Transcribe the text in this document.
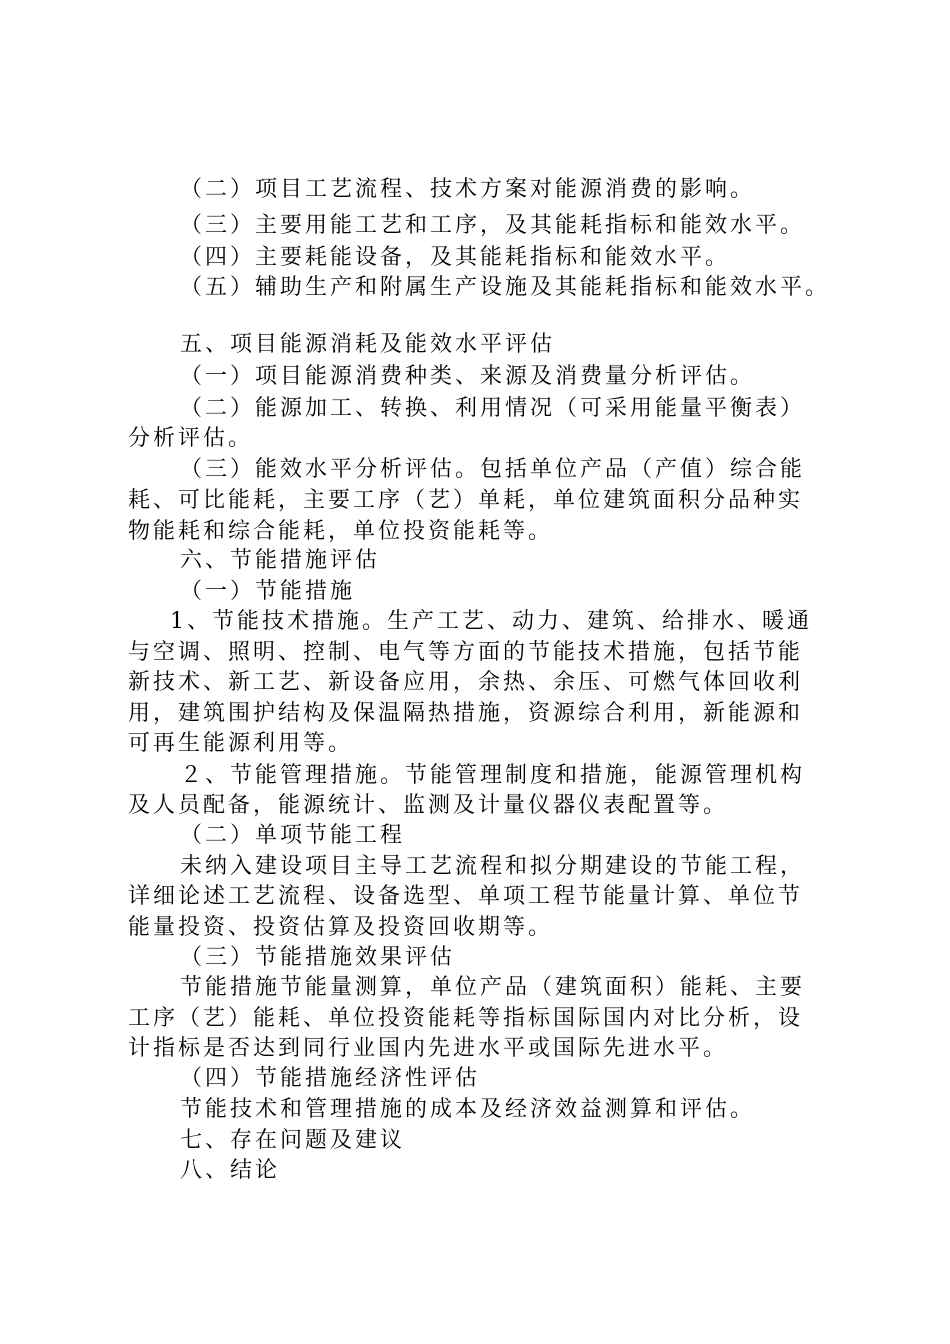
（二）项目工艺流程、技术方案对能源消费的影响。
（三）主要用能工艺和工序，及其能耗指标和能效水平。
（四）主要耗能设备，及其能耗指标和能效水平。
（五）辅助生产和附属生产设施及其能耗指标和能效水平。
五、项目能源消耗及能效水平评估
（一）项目能源消费种类、来源及消费量分析评估。
（二）能源加工、转换、利用情况（可采用能量平衡表）
分析评估。
（三）能效水平分析评估。包括单位产品（产值）综合能
耗、可比能耗，主要工序（艺）单耗，单位建筑面积分品种实
物能耗和综合能耗，单位投资能耗等。
六、节能措施评估
（一）节能措施
1、节能技术措施。生产工艺、动力、建筑、给排水、暖通
与空调、照明、控制、电气等方面的节能技术措施，包括节能
新技术、新工艺、新设备应用，余热、余压、可燃气体回收利
用，建筑围护结构及保温隔热措施，资源综合利用，新能源和
可再生能源利用等。
２、节能管理措施。节能管理制度和措施，能源管理机构
及人员配备，能源统计、监测及计量仪器仪表配置等。
（二）单项节能工程
未纳入建设项目主导工艺流程和拟分期建设的节能工程，
详细论述工艺流程、设备选型、单项工程节能量计算、单位节
能量投资、投资估算及投资回收期等。
（三）节能措施效果评估
节能措施节能量测算，单位产品（建筑面积）能耗、主要
工序（艺）能耗、单位投资能耗等指标国际国内对比分析，设
计指标是否达到同行业国内先进水平或国际先进水平。
（四）节能措施经济性评估
节能技术和管理措施的成本及经济效益测算和评估。
七、存在问题及建议
八、结论
